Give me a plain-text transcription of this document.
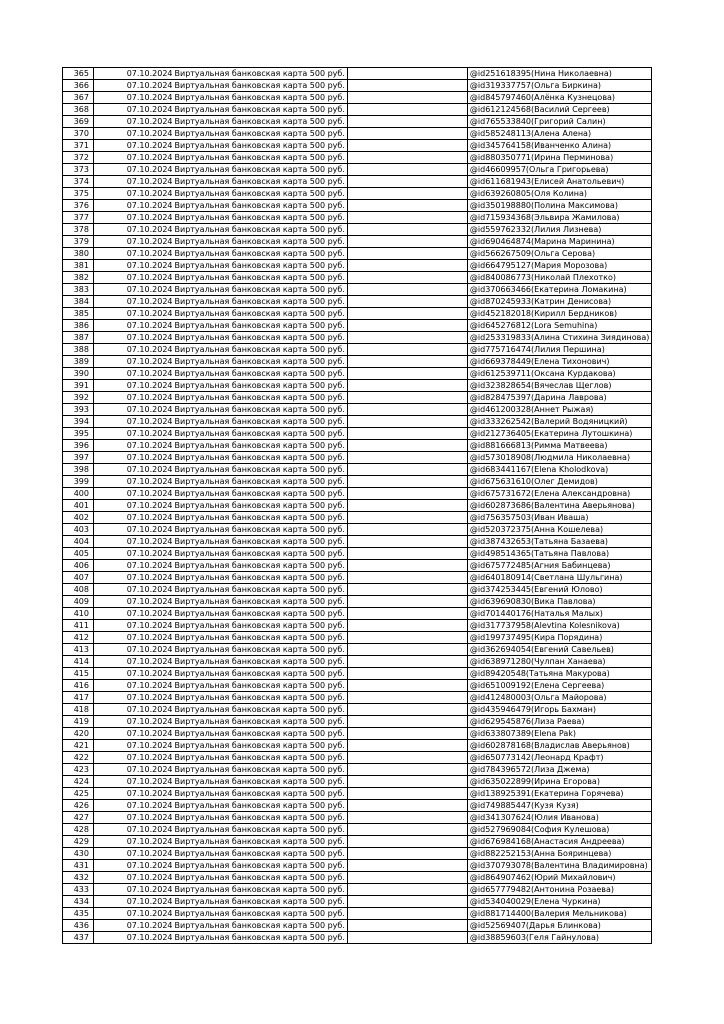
365	07.10.2024	Виртуальная банковская карта 500 руб.		@id251618395(Нина Николаевна)
366	07.10.2024	Виртуальная банковская карта 500 руб.		@id319337757(Ольга Биркина)
367	07.10.2024	Виртуальная банковская карта 500 руб.		@id845797460(Алёнка Кузнецова)
368	07.10.2024	Виртуальная банковская карта 500 руб.		@id612124568(Василий Сергеев)
369	07.10.2024	Виртуальная банковская карта 500 руб.		@id765533840(Григорий Салин)
370	07.10.2024	Виртуальная банковская карта 500 руб.		@id585248113(Алена Алена)
371	07.10.2024	Виртуальная банковская карта 500 руб.		@id345764158(Иванченко Алина)
372	07.10.2024	Виртуальная банковская карта 500 руб.		@id880350771(Ирина Перминова)
373	07.10.2024	Виртуальная банковская карта 500 руб.		@id46609957(Ольга Григорьева)
374	07.10.2024	Виртуальная банковская карта 500 руб.		@id611681943(Елисей Анатольевич)
375	07.10.2024	Виртуальная банковская карта 500 руб.		@id639260805(Оля Колина)
376	07.10.2024	Виртуальная банковская карта 500 руб.		@id350198880(Полина Максимова)
377	07.10.2024	Виртуальная банковская карта 500 руб.		@id715934368(Эльвира Жамилова)
378	07.10.2024	Виртуальная банковская карта 500 руб.		@id559762332(Лилия Лизнева)
379	07.10.2024	Виртуальная банковская карта 500 руб.		@id690464874(Марина Маринина)
380	07.10.2024	Виртуальная банковская карта 500 руб.		@id566267509(Ольга Серова)
381	07.10.2024	Виртуальная банковская карта 500 руб.		@id664795127(Мария Морозова)
382	07.10.2024	Виртуальная банковская карта 500 руб.		@id840086773(Николай Плехотко)
383	07.10.2024	Виртуальная банковская карта 500 руб.		@id370663466(Екатерина Ломакина)
384	07.10.2024	Виртуальная банковская карта 500 руб.		@id870245933(Катрин Денисова)
385	07.10.2024	Виртуальная банковская карта 500 руб.		@id452182018(Кирилл Бердников)
386	07.10.2024	Виртуальная банковская карта 500 руб.		@id645276812(Lora Semuhina)
387	07.10.2024	Виртуальная банковская карта 500 руб.		@id253319833(Алина Стихина Зиядинова)
388	07.10.2024	Виртуальная банковская карта 500 руб.		@id775716474(Лилия Першина)
389	07.10.2024	Виртуальная банковская карта 500 руб.		@id669378449(Елена Тихонович)
390	07.10.2024	Виртуальная банковская карта 500 руб.		@id612539711(Оксана Курдакова)
391	07.10.2024	Виртуальная банковская карта 500 руб.		@id323828654(Вячеслав Щеглов)
392	07.10.2024	Виртуальная банковская карта 500 руб.		@id828475397(Дарина Лаврова)
393	07.10.2024	Виртуальная банковская карта 500 руб.		@id461200328(Аннет Рыжая)
394	07.10.2024	Виртуальная банковская карта 500 руб.		@id333262542(Валерий Водяницкий)
395	07.10.2024	Виртуальная банковская карта 500 руб.		@id212736405(Екатерина Лутошкина)
396	07.10.2024	Виртуальная банковская карта 500 руб.		@id881666813(Римма Матвеева)
397	07.10.2024	Виртуальная банковская карта 500 руб.		@id573018908(Людмила Николаевна)
398	07.10.2024	Виртуальная банковская карта 500 руб.		@id683441167(Elena Kholodkova)
399	07.10.2024	Виртуальная банковская карта 500 руб.		@id675631610(Олег Демидов)
400	07.10.2024	Виртуальная банковская карта 500 руб.		@id675731672(Елена Александровна)
401	07.10.2024	Виртуальная банковская карта 500 руб.		@id602873686(Валентина Аверьянова)
402	07.10.2024	Виртуальная банковская карта 500 руб.		@id756357503(Иван Иваша)
403	07.10.2024	Виртуальная банковская карта 500 руб.		@id520372375(Анна Кошелева)
404	07.10.2024	Виртуальная банковская карта 500 руб.		@id387432653(Татьяна Базаева)
405	07.10.2024	Виртуальная банковская карта 500 руб.		@id498514365(Татьяна Павлова)
406	07.10.2024	Виртуальная банковская карта 500 руб.		@id675772485(Агния Бабинцева)
407	07.10.2024	Виртуальная банковская карта 500 руб.		@id640180914(Светлана Шульгина)
408	07.10.2024	Виртуальная банковская карта 500 руб.		@id374253445(Евгений Юлово)
409	07.10.2024	Виртуальная банковская карта 500 руб.		@id639690830(Вика Павлова)
410	07.10.2024	Виртуальная банковская карта 500 руб.		@id701440176(Наталья Малых)
411	07.10.2024	Виртуальная банковская карта 500 руб.		@id317737958(Alevtina Kolesnikova)
412	07.10.2024	Виртуальная банковская карта 500 руб.		@id199737495(Кира Порядина)
413	07.10.2024	Виртуальная банковская карта 500 руб.		@id362694054(Евгений Савельев)
414	07.10.2024	Виртуальная банковская карта 500 руб.		@id638971280(Чулпан Ханаева)
415	07.10.2024	Виртуальная банковская карта 500 руб.		@id89420548(Татьяна Макурова)
416	07.10.2024	Виртуальная банковская карта 500 руб.		@id651009192(Елена Сергеева)
417	07.10.2024	Виртуальная банковская карта 500 руб.		@id412480003(Ольга Майорова)
418	07.10.2024	Виртуальная банковская карта 500 руб.		@id435946479(Игорь Бахман)
419	07.10.2024	Виртуальная банковская карта 500 руб.		@id629545876(Лиза Раева)
420	07.10.2024	Виртуальная банковская карта 500 руб.		@id633807389(Elena Pak)
421	07.10.2024	Виртуальная банковская карта 500 руб.		@id602878168(Владислав Аверьянов)
422	07.10.2024	Виртуальная банковская карта 500 руб.		@id650773142(Леонард Крафт)
423	07.10.2024	Виртуальная банковская карта 500 руб.		@id784396572(Лиза Джема)
424	07.10.2024	Виртуальная банковская карта 500 руб.		@id635022899(Ирина Егорова)
425	07.10.2024	Виртуальная банковская карта 500 руб.		@id138925391(Екатерина Горячева)
426	07.10.2024	Виртуальная банковская карта 500 руб.		@id749885447(Кузя Кузя)
427	07.10.2024	Виртуальная банковская карта 500 руб.		@id341307624(Юлия Иванова)
428	07.10.2024	Виртуальная банковская карта 500 руб.		@id527969084(София Кулешова)
429	07.10.2024	Виртуальная банковская карта 500 руб.		@id676984168(Анастасия Андреева)
430	07.10.2024	Виртуальная банковская карта 500 руб.		@id882252153(Анна Бояринцева)
431	07.10.2024	Виртуальная банковская карта 500 руб.		@id370793078(Валентина Владимировна)
432	07.10.2024	Виртуальная банковская карта 500 руб.		@id864907462(Юрий Михайлович)
433	07.10.2024	Виртуальная банковская карта 500 руб.		@id657779482(Антонина Розаева)
434	07.10.2024	Виртуальная банковская карта 500 руб.		@id534040029(Елена Чуркина)
435	07.10.2024	Виртуальная банковская карта 500 руб.		@id881714400(Валерия Мельникова)
436	07.10.2024	Виртуальная банковская карта 500 руб.		@id52569407(Дарья Блинкова)
437	07.10.2024	Виртуальная банковская карта 500 руб.		@id38859603(Геля Гайнулова)
